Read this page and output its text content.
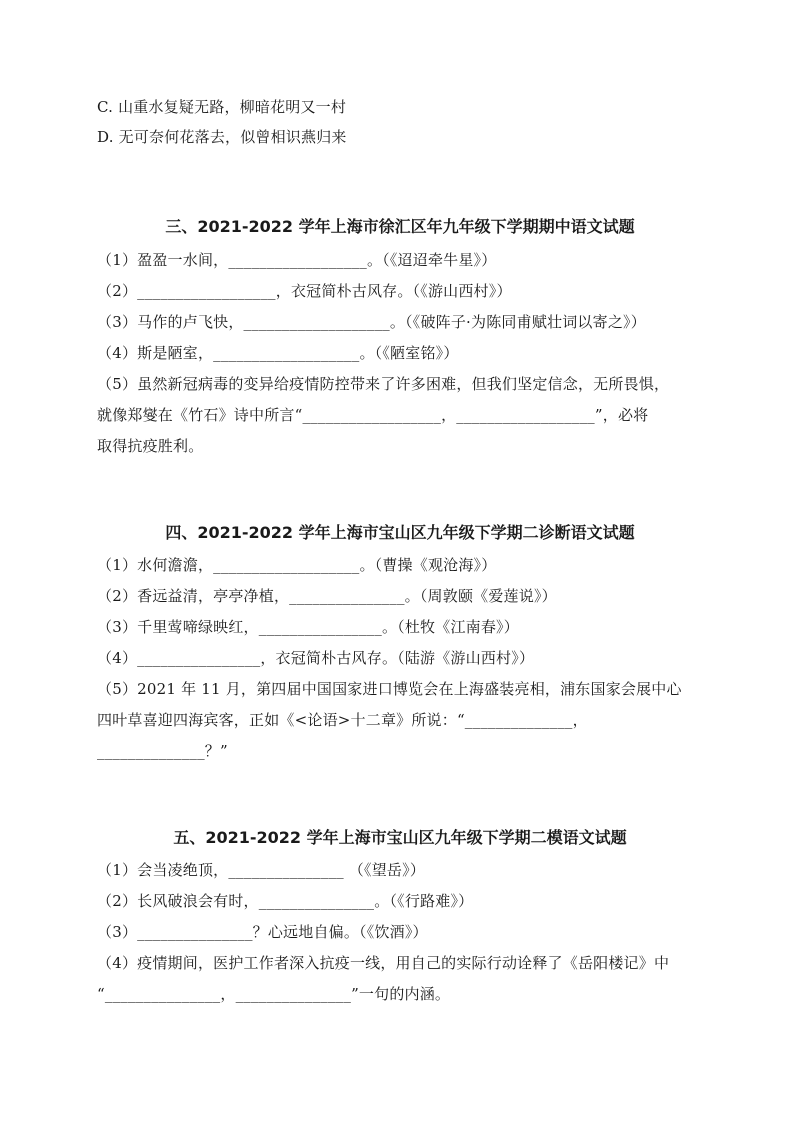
C. 山重水复疑无路，柳暗花明又一村
D. 无可奈何花落去，似曾相识燕归来
三、2021-2022 学年上海市徐汇区年九年级下学期期中语文试题
（1）盈盈一水间，__________________。（《迢迢牵牛星》）
（2）__________________，衣冠简朴古风存。（《游山西村》）
（3）马作的卢飞快，___________________。（《破阵子·为陈同甫赋壮词以寄之》）
（4）斯是陋室，___________________。（《陋室铭》）
（5）虽然新冠病毒的变异给疫情防控带来了许多困难，但我们坚定信念，无所畏惧，
就像郑燮在《竹石》诗中所言“__________________，__________________”，必将
取得抗疫胜利。
四、2021-2022 学年上海市宝山区九年级下学期二诊断语文试题
（1）水何澹澹，___________________。（曹操《观沧海》）
（2）香远益清，亭亭净植，_______________。（周敦颐《爱莲说》）
（3）千里莺啼绿映红，________________。（杜牧《江南春》）
（4）________________，衣冠简朴古风存。（陆游《游山西村》）
（5）2021 年 11 月，第四届中国国家进口博览会在上海盛装亮相，浦东国家会展中心
四叶草喜迎四海宾客，正如《<论语>十二章》所说：“______________，
______________？”
五、2021-2022 学年上海市宝山区九年级下学期二模语文试题
（1）会当凌绝顶，_______________ （《望岳》）
（2）长风破浪会有时，_______________。（《行路难》）
（3）_______________？心远地自偏。（《饮酒》）
（4）疫情期间，医护工作者深入抗疫一线，用自己的实际行动诠释了《岳阳楼记》中
“_______________，_______________”一句的内涵。
